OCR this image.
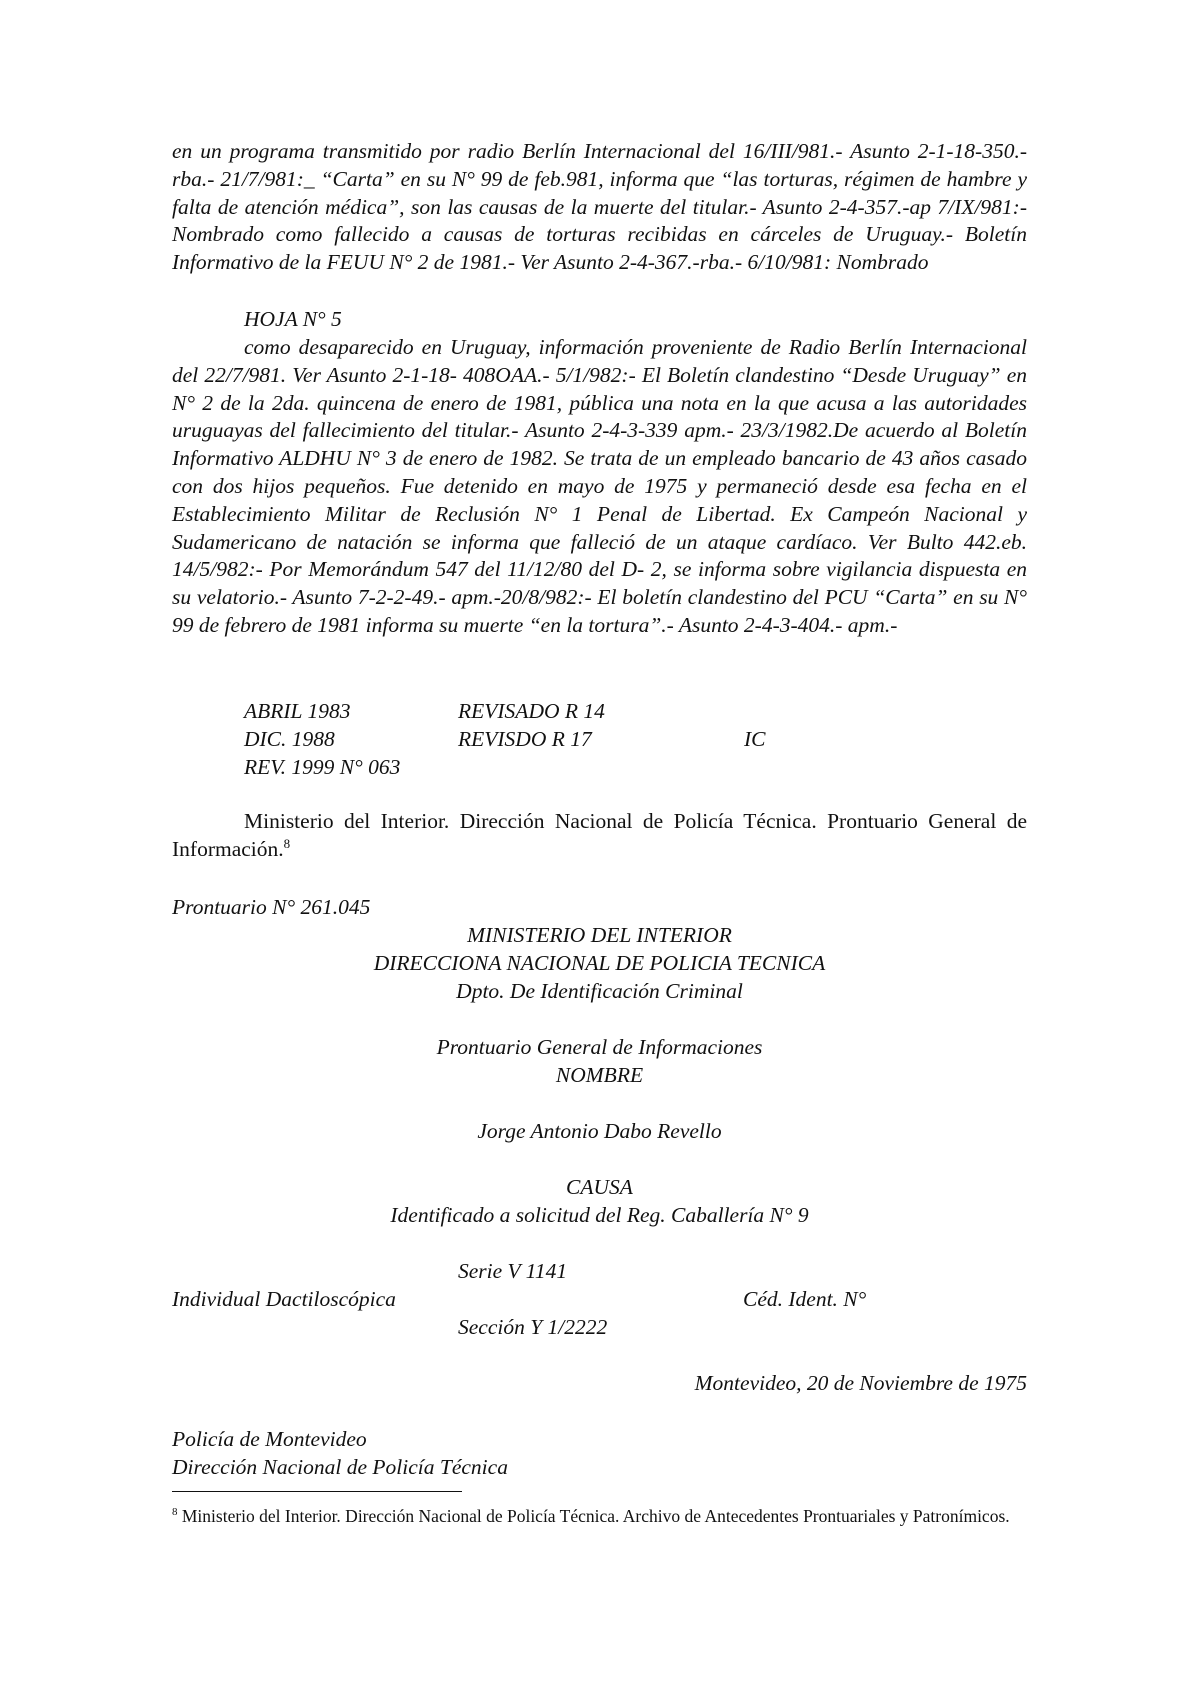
en un programa transmitido por radio Berlín Internacional del 16/III/981.- Asunto 2-1-18-350.- rba.- 21/7/981:_ “Carta” en su N° 99 de feb.981, informa que “las torturas, régimen de hambre y falta de atención médica”, son las causas de la muerte del titular.- Asunto 2-4-357.-ap 7/IX/981:- Nombrado como fallecido a causas de torturas recibidas en cárceles de Uruguay.- Boletín Informativo de la FEUU N° 2 de 1981.- Ver Asunto 2-4-367.-rba.- 6/10/981: Nombrado

HOJA N° 5

como desaparecido en Uruguay, información proveniente de Radio Berlín Internacional del 22/7/981. Ver Asunto 2-1-18- 408OAA.- 5/1/982:- El Boletín clandestino “Desde Uruguay” en N° 2 de la 2da. quincena de enero de 1981, pública una nota en la que acusa a las autoridades uruguayas del fallecimiento del titular.- Asunto 2-4-3-339 apm.- 23/3/1982.De acuerdo al Boletín Informativo ALDHU N° 3 de enero de 1982. Se trata de un empleado bancario de 43 años casado con dos hijos pequeños. Fue detenido en mayo de 1975 y permaneció desde esa fecha en el Establecimiento Militar de Reclusión N° 1 Penal de Libertad. Ex Campeón Nacional y Sudamericano de natación se informa que falleció de un ataque cardíaco. Ver Bulto 442.eb. 14/5/982:- Por Memorándum 547 del 11/12/80 del D- 2, se informa sobre vigilancia dispuesta en su velatorio.- Asunto 7-2-2-49.- apm.-20/8/982:- El boletín clandestino del PCU “Carta” en su N° 99 de febrero de 1981 informa su muerte “en la tortura”.- Asunto 2-4-3-404.- apm.-

ABRIL 1983	REVISADO R 14
DIC. 1988	REVISDO R 17	IC
REV. 1999 N° 063

Ministerio del Interior. Dirección Nacional de Policía Técnica. Prontuario General de Información.$^8$

Prontuario N° 261.045
MINISTERIO DEL INTERIOR
DIRECCIONA NACIONAL DE POLICIA TECNICA
Dpto. De Identificación Criminal
Prontuario General de Informaciones
NOMBRE
Jorge Antonio Dabo Revello
CAUSA
Identificado a solicitud del Reg. Caballería N° 9
Serie V 1141
Individual Dactiloscópica	Céd. Ident. N°
Sección Y 1/2222
Montevideo, 20 de Noviembre de 1975
Policía de Montevideo
Dirección Nacional de Policía Técnica

$^8$ Ministerio del Interior. Dirección Nacional de Policía Técnica. Archivo de Antecedentes Prontuariales y Patronímicos.
